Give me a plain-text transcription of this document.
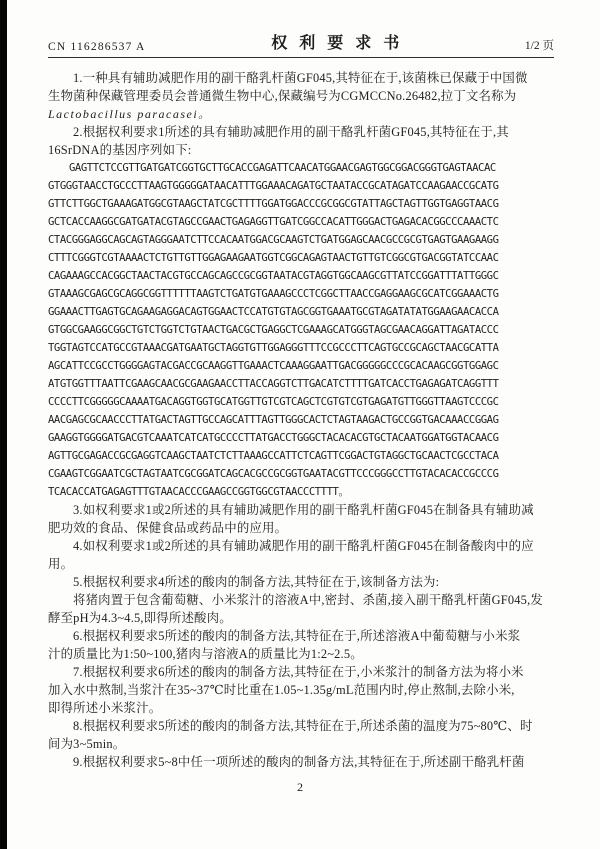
CN 116286537 A	权利要求书	1/2 页
1.一种具有辅助减肥作用的副干酪乳杆菌GF045,其特征在于,该菌株已保藏于中国微
生物菌种保藏管理委员会普通微生物中心,保藏编号为CGMCCNo.26482,拉丁文名称为
Lactobacillus paracasei。
2.根据权利要求1所述的具有辅助减肥作用的副干酪乳杆菌GF045,其特征在于,其
16SrDNA的基因序列如下:
GAGTTCTCCGTTGATGATCGGTGCTTGCACCGAGATTCAACATGGAACGAGTGGCGGACGGGTGAGTAACAC
GTGGGTAACCTGCCCTTAAGTGGGGGATAACATTTGGAAACAGATGCTAATACCGCATAGATCCAAGAACCGCATG
GTTCTTGGCTGAAAGATGGCGTAAGCTATCGCTTTTGGATGGACCCGCGGCGTATTAGCTAGTTGGTGAGGTAACG
GCTCACCAAGGCGATGATACGTAGCCGAACTGAGAGGTTGATCGGCCACATTGGGACTGAGACACGGCCCAAACTC
CTACGGGAGGCAGCAGTAGGGAATCTTCCACAATGGACGCAAGTCTGATGGAGCAACGCCGCGTGAGTGAAGAAGG
CTTTCGGGTCGTAAAACTCTGTTGTTGGAGAAGAATGGTCGGCAGAGTAACTGTTGTCGGCGTGACGGTATCCAAC
CAGAAAGCCACGGCTAACTACGTGCCAGCAGCCGCGGTAATACGTAGGTGGCAAGCGTTATCCGGATTTATTGGGC
GTAAAGCGAGCGCAGGCGGTTTTTTAAGTCTGATGTGAAAGCCCTCGGCTTAACCGAGGAAGCGCATCGGAAACTG
GGAAACTTGAGTGCAGAAGAGGACAGTGGAACTCCATGTGTAGCGGTGAAATGCGTAGATATATGGAAGAACACCA
GTGGCGAAGGCGGCTGTCTGGTCTGTAACTGACGCTGAGGCTCGAAAGCATGGGTAGCGAACAGGATTAGATACCC
TGGTAGTCCATGCCGTAAACGATGAATGCTAGGTGTTGGAGGGTTTCCGCCCTTCAGTGCCGCAGCTAACGCATTA
AGCATTCCGCCTGGGGAGTACGACCGCAAGGTTGAAACTCAAAGGAATTGACGGGGGCCCGCACAAGCGGTGGAGC
ATGTGGTTTAATTCGAAGCAACGCGAAGAACCTTACCAGGTCTTGACATCTTTTGATCACCTGAGAGATCAGGTTT
CCCCTTCGGGGGCAAAATGACAGGTGGTGCATGGTTGTCGTCAGCTCGTGTCGTGAGATGTTGGGTTAAGTCCCGC
AACGAGCGCAACCCTTATGACTAGTTGCCAGCATTTAGTTGGGCACTCTAGTAAGACTGCCGGTGACAAACCGGAG
GAAGGTGGGGATGACGTCAAATCATCATGCCCCTTATGACCTGGGCTACACACGTGCTACAATGGATGGTACAACG
AGTTGCGAGACCGCGAGGTCAAGCTAATCTCTTAAAGCCATTCTCAGTTCGGACTGTAGGCTGCAACTCGCCTACA
CGAAGTCGGAATCGCTAGTAATCGCGGATCAGCACGCCGCGGTGAATACGTTCCCGGGCCTTGTACACACCGCCCG
TCACACCATGAGAGTTTGTAACACCCGAAGCCGGTGGCGTAACCCTTTT。
3.如权利要求1或2所述的具有辅助减肥作用的副干酪乳杆菌GF045在制备具有辅助减
肥功效的食品、保健食品或药品中的应用。
4.如权利要求1或2所述的具有辅助减肥作用的副干酪乳杆菌GF045在制备酸肉中的应
用。
5.根据权利要求4所述的酸肉的制备方法,其特征在于,该制备方法为:
将猪肉置于包含葡萄糖、小米浆汁的溶液A中,密封、杀菌,接入副干酪乳杆菌GF045,发
酵至pH为4.3~4.5,即得所述酸肉。
6.根据权利要求5所述的酸肉的制备方法,其特征在于,所述溶液A中葡萄糖与小米浆
汁的质量比为1:50~100,猪肉与溶液A的质量比为1:2~2.5。
7.根据权利要求6所述的酸肉的制备方法,其特征在于,小米浆汁的制备方法为将小米
加入水中熬制,当浆汁在35~37℃时比重在1.05~1.35g/mL范围内时,停止熬制,去除小米,
即得所述小米浆汁。
8.根据权利要求5所述的酸肉的制备方法,其特征在于,所述杀菌的温度为75~80℃、时
间为3~5min。
9.根据权利要求5~8中任一项所述的酸肉的制备方法,其特征在于,所述副干酪乳杆菌
2
